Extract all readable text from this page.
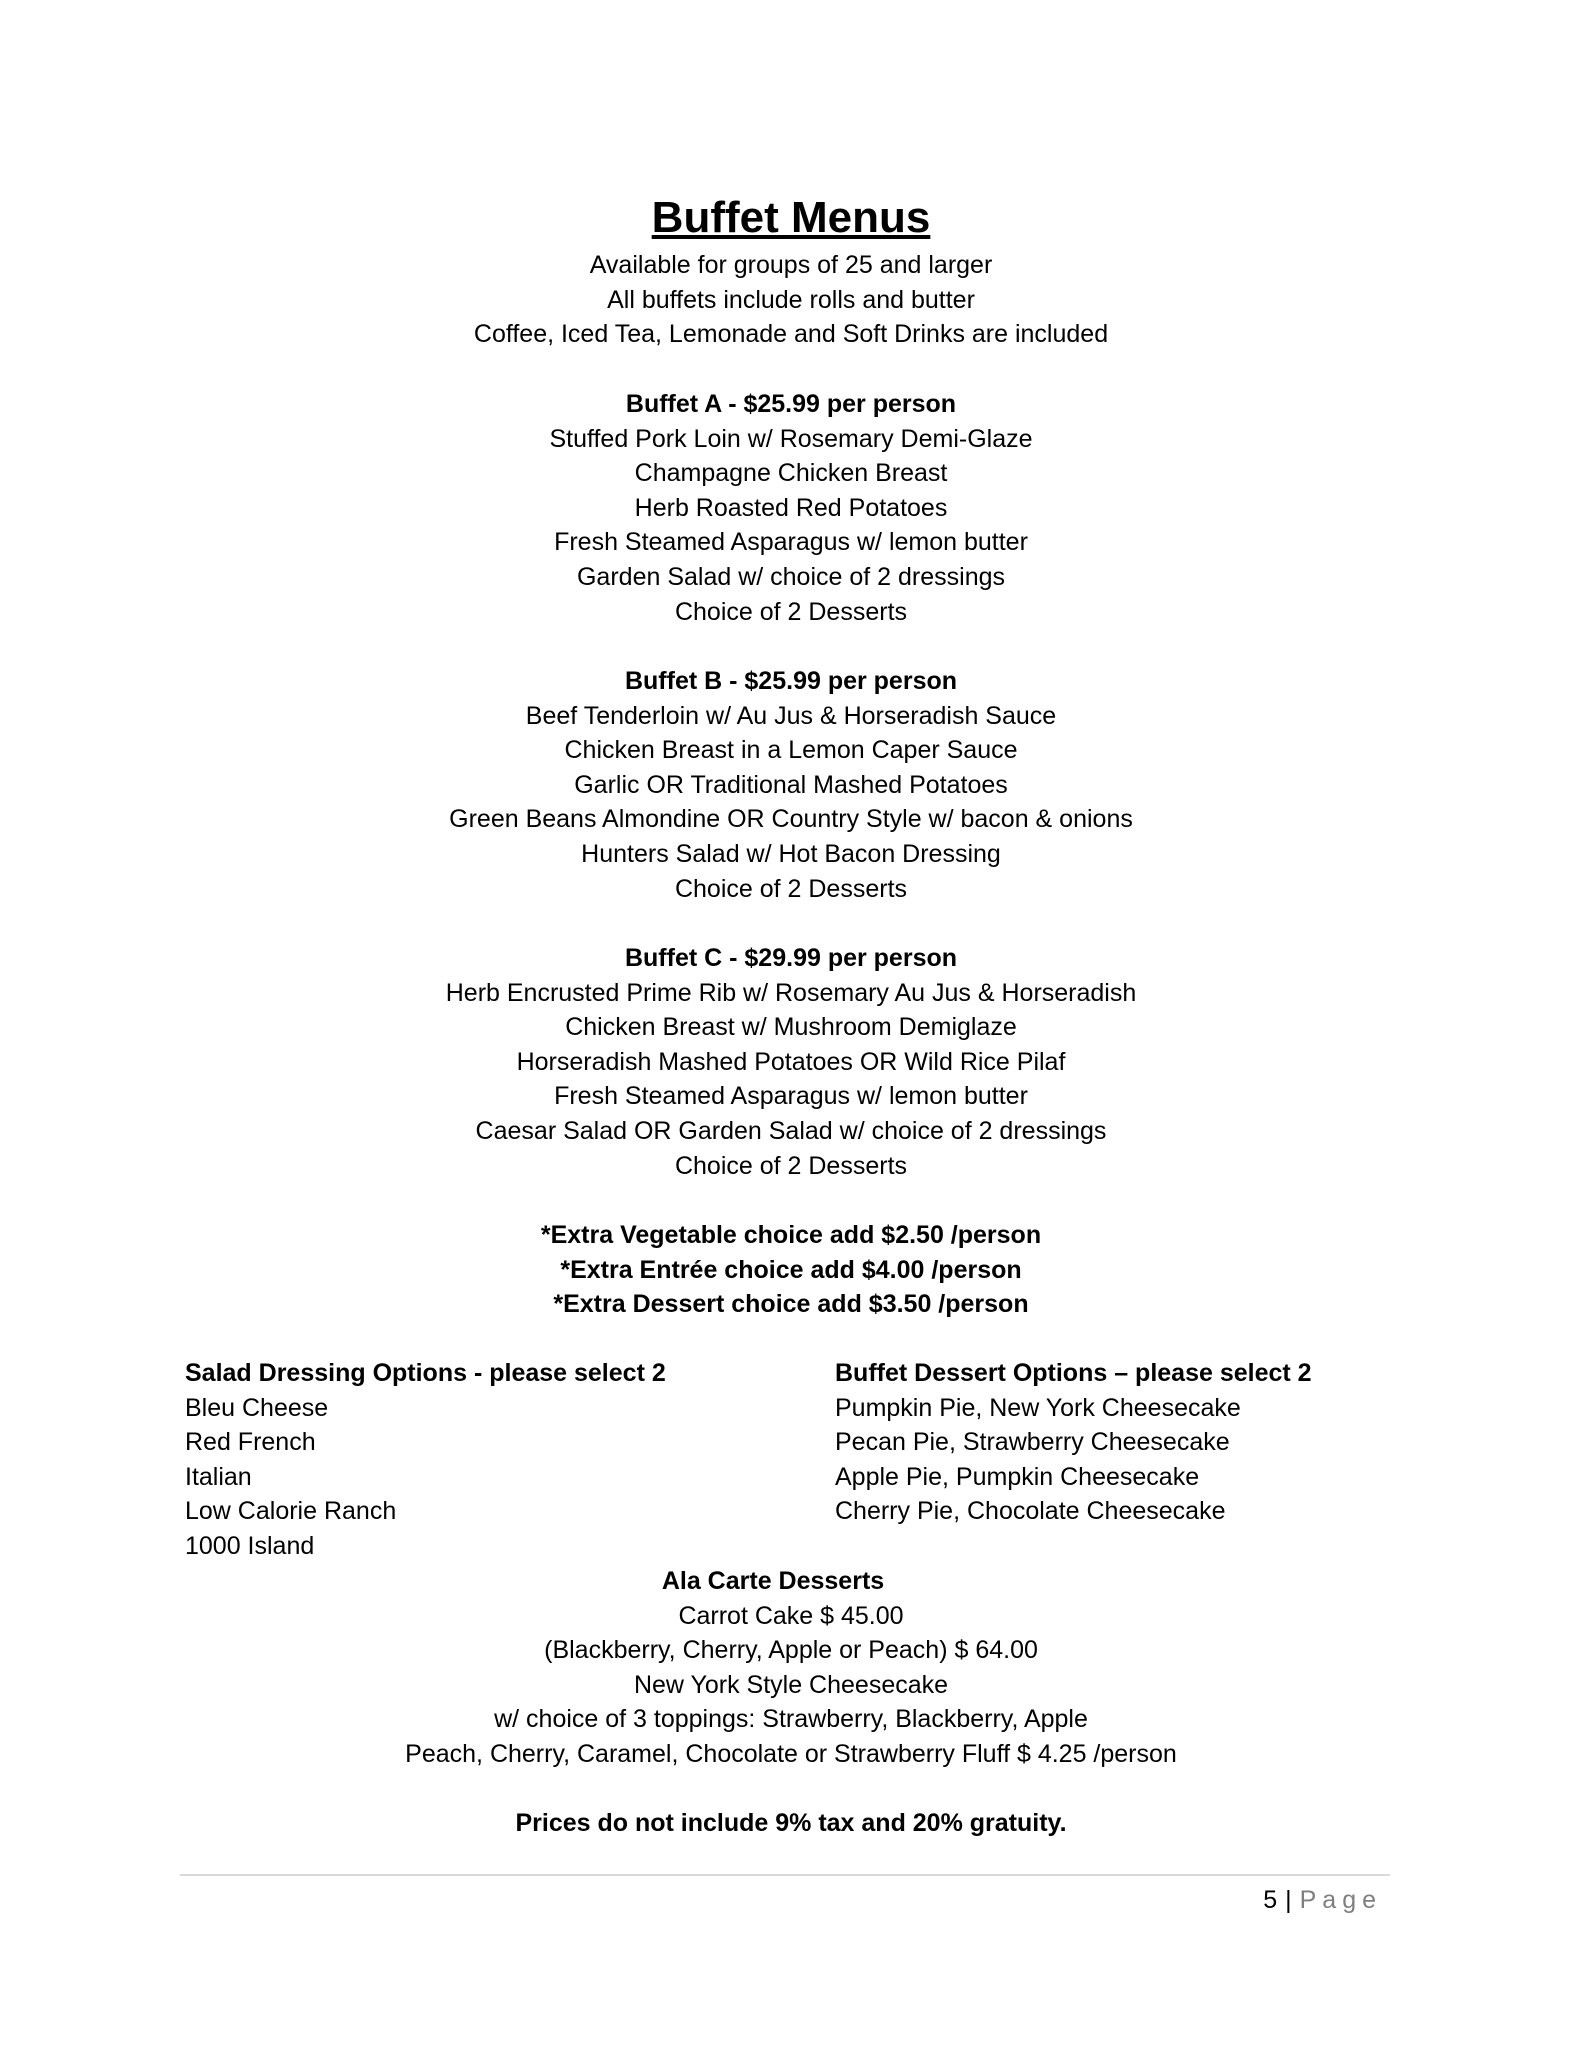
Buffet Menus
Available for groups of 25 and larger
All buffets include rolls and butter
Coffee, Iced Tea, Lemonade and Soft Drinks are included
Buffet A - $25.99 per person
Stuffed Pork Loin w/ Rosemary Demi-Glaze
Champagne Chicken Breast
Herb Roasted Red Potatoes
Fresh Steamed Asparagus w/ lemon butter
Garden Salad w/ choice of 2 dressings
Choice of 2 Desserts
Buffet B - $25.99 per person
Beef Tenderloin w/ Au Jus & Horseradish Sauce
Chicken Breast in a Lemon Caper Sauce
Garlic OR Traditional Mashed Potatoes
Green Beans Almondine OR Country Style w/ bacon & onions
Hunters Salad w/ Hot Bacon Dressing
Choice of 2 Desserts
Buffet C - $29.99 per person
Herb Encrusted Prime Rib w/ Rosemary Au Jus & Horseradish
Chicken Breast w/ Mushroom Demiglaze
Horseradish Mashed Potatoes OR Wild Rice Pilaf
Fresh Steamed Asparagus w/ lemon butter
Caesar Salad OR Garden Salad w/ choice of 2 dressings
Choice of 2 Desserts
*Extra Vegetable choice add $2.50 /person
*Extra Entrée choice add $4.00 /person
*Extra Dessert choice add $3.50 /person
Salad Dressing Options - please select 2
Bleu Cheese
Red French
Italian
Low Calorie Ranch
1000 Island
Buffet Dessert Options – please select 2
Pumpkin Pie, New York Cheesecake
Pecan Pie, Strawberry Cheesecake
Apple Pie, Pumpkin Cheesecake
Cherry Pie, Chocolate Cheesecake
Ala Carte Desserts
Carrot Cake $ 45.00
(Blackberry, Cherry, Apple or Peach) $ 64.00
New York Style Cheesecake
w/ choice of 3 toppings: Strawberry, Blackberry, Apple
Peach, Cherry, Caramel, Chocolate or Strawberry Fluff $ 4.25 /person
Prices do not include 9% tax and 20% gratuity.
5 | Page
